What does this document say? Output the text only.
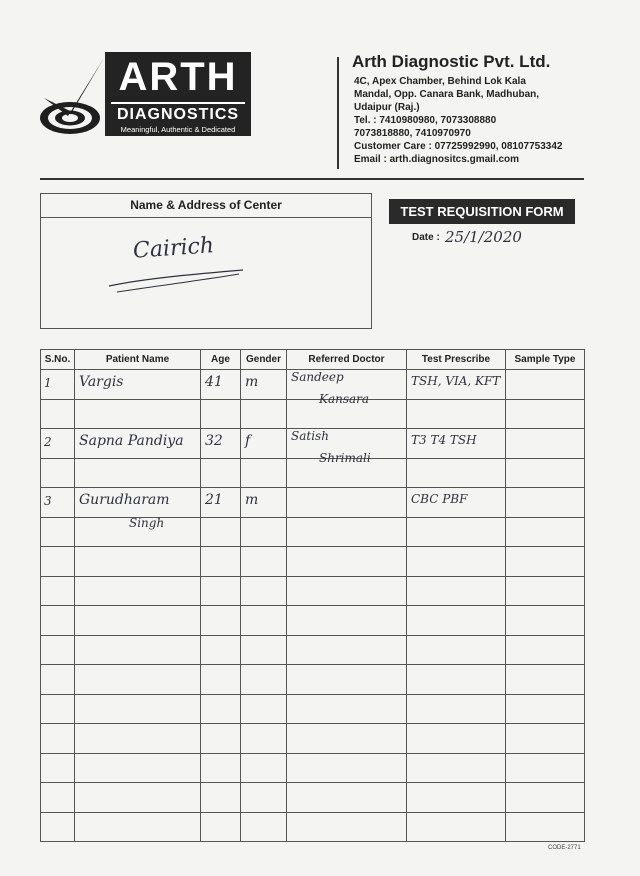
ARTH
DIAGNOSTICS
Meaningful, Authentic & Dedicated
Arth Diagnostic Pvt. Ltd.
4C, Apex Chamber, Behind Lok Kala
Mandal, Opp. Canara Bank, Madhuban,
Udaipur (Raj.)
Tel. : 7410980980, 7073308880
7073818880, 7410970970
Customer Care : 07725992990, 08107753342
Email : arth.diagnositcs.gmail.com
Name & Address of Center
Cairich
TEST REQUISITION FORM
Date : 25/1/2020
S.No.	Patient Name	Age	Gender	Referred Doctor	Test Prescribe	Sample Type

1	Vargis	41	m	Sandeep	TSH, VIA, KFT	

				Kansara		

2	Sapna Pandiya	32	f	Satish	T3 T4 TSH	

				Shrimali		

3	Gurudharam	21	m		CBC PBF	

	Singh					

CODE-2771
